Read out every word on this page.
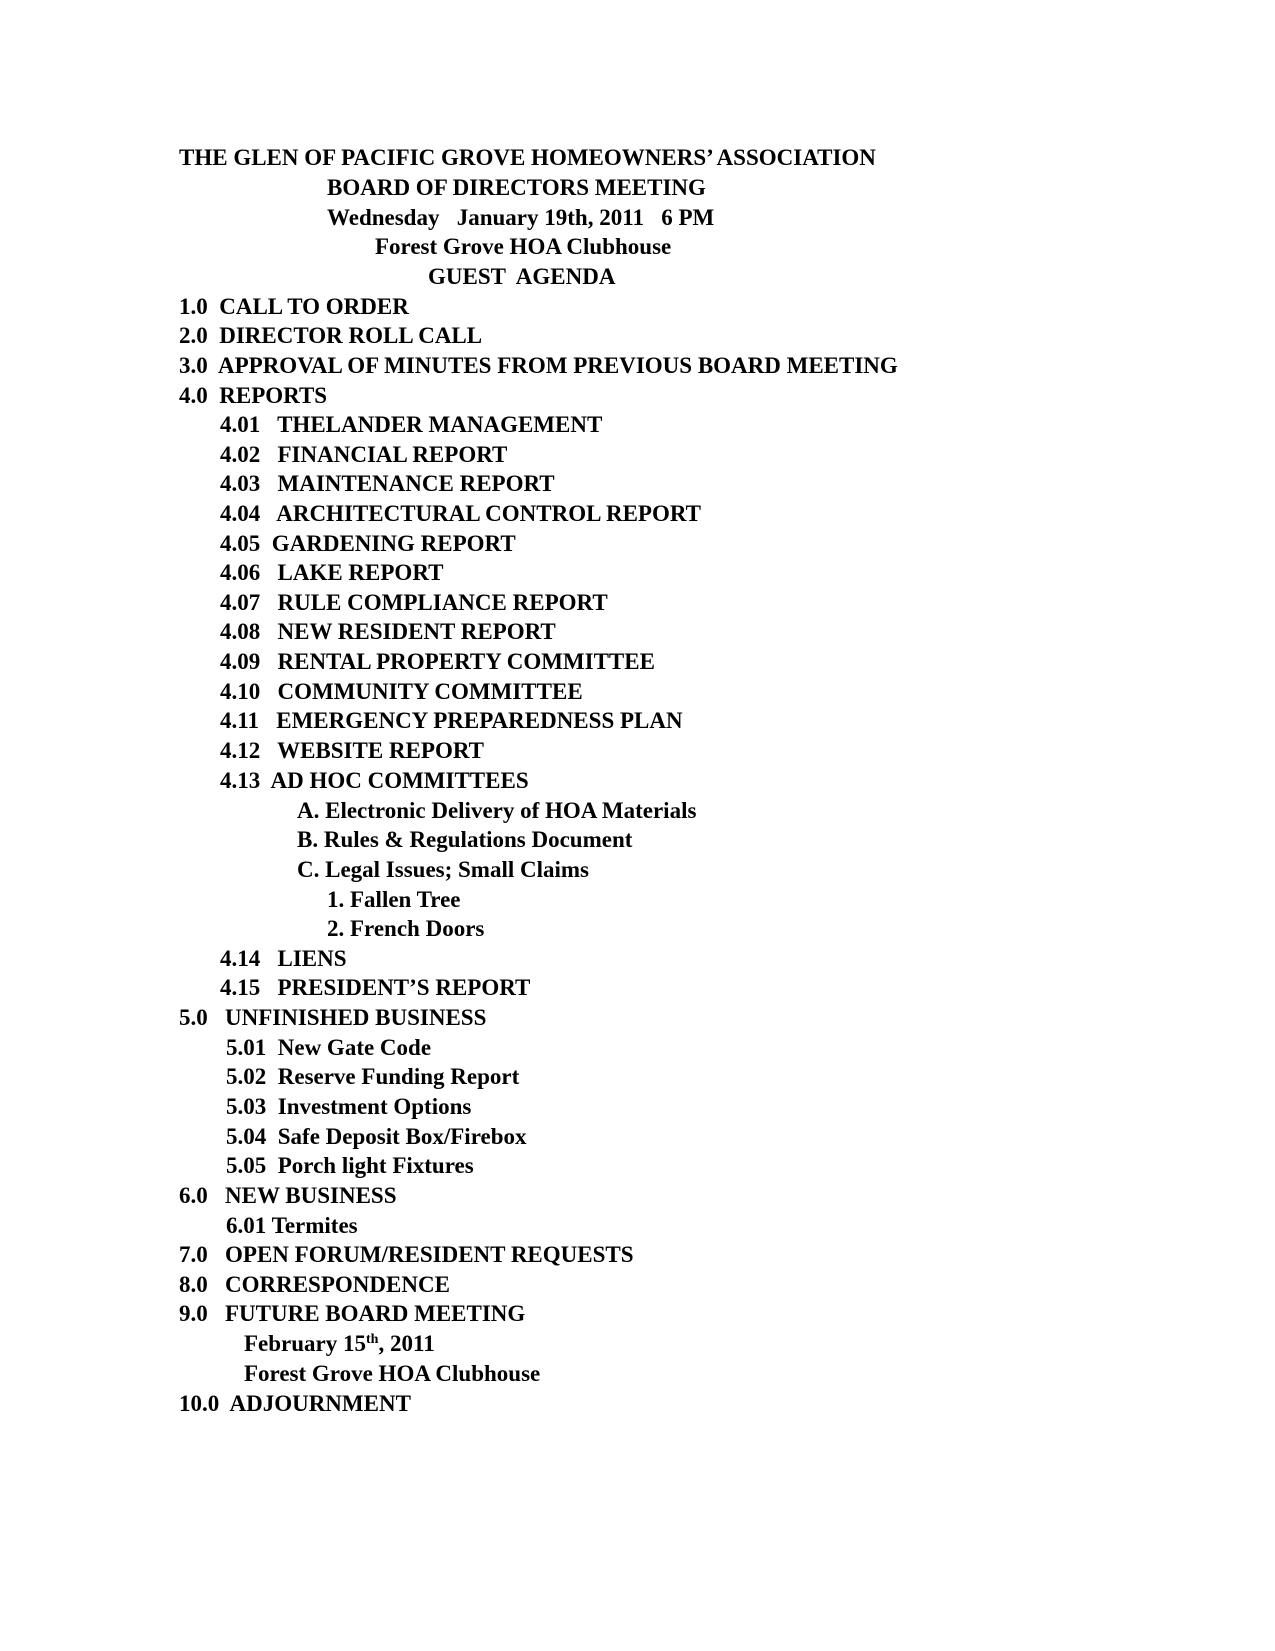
THE GLEN OF PACIFIC GROVE HOMEOWNERS’ ASSOCIATION
BOARD OF DIRECTORS MEETING
Wednesday   January 19th, 2011   6 PM
Forest Grove HOA Clubhouse
GUEST  AGENDA
1.0  CALL TO ORDER
2.0  DIRECTOR ROLL CALL
3.0  APPROVAL OF MINUTES FROM PREVIOUS BOARD MEETING
4.0  REPORTS
4.01   THELANDER MANAGEMENT
4.02   FINANCIAL REPORT
4.03   MAINTENANCE REPORT
4.04   ARCHITECTURAL CONTROL REPORT
4.05  GARDENING REPORT
4.06   LAKE REPORT
4.07   RULE COMPLIANCE REPORT
4.08   NEW RESIDENT REPORT
4.09   RENTAL PROPERTY COMMITTEE
4.10   COMMUNITY COMMITTEE
4.11   EMERGENCY PREPAREDNESS PLAN
4.12   WEBSITE REPORT
4.13  AD HOC COMMITTEES
A. Electronic Delivery of HOA Materials
B. Rules & Regulations Document
C. Legal Issues; Small Claims
1. Fallen Tree
2. French Doors
4.14   LIENS
4.15   PRESIDENT’S REPORT
5.0   UNFINISHED BUSINESS
5.01  New Gate Code
5.02  Reserve Funding Report
5.03  Investment Options
5.04  Safe Deposit Box/Firebox
5.05  Porch light Fixtures
6.0   NEW BUSINESS
6.01 Termites
7.0   OPEN FORUM/RESIDENT REQUESTS
8.0   CORRESPONDENCE
9.0   FUTURE BOARD MEETING
February 15th, 2011
Forest Grove HOA Clubhouse
10.0  ADJOURNMENT
